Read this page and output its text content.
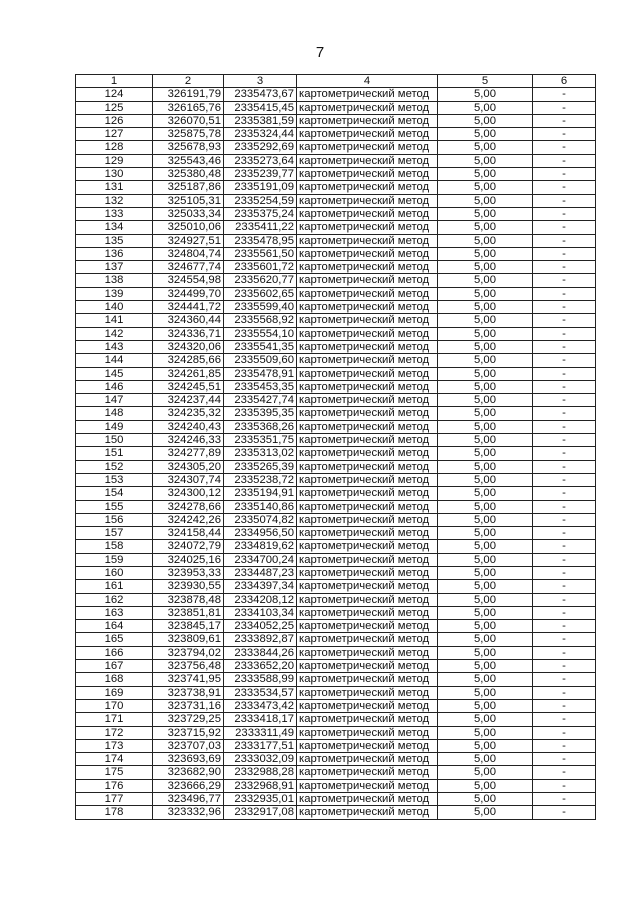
7
1	2	3	4	5	6
124	326191,79	2335473,67	картометрический метод	5,00	-
125	326165,76	2335415,45	картометрический метод	5,00	-
126	326070,51	2335381,59	картометрический метод	5,00	-
127	325875,78	2335324,44	картометрический метод	5,00	-
128	325678,93	2335292,69	картометрический метод	5,00	-
129	325543,46	2335273,64	картометрический метод	5,00	-
130	325380,48	2335239,77	картометрический метод	5,00	-
131	325187,86	2335191,09	картометрический метод	5,00	-
132	325105,31	2335254,59	картометрический метод	5,00	-
133	325033,34	2335375,24	картометрический метод	5,00	-
134	325010,06	2335411,22	картометрический метод	5,00	-
135	324927,51	2335478,95	картометрический метод	5,00	-
136	324804,74	2335561,50	картометрический метод	5,00	-
137	324677,74	2335601,72	картометрический метод	5,00	-
138	324554,98	2335620,77	картометрический метод	5,00	-
139	324499,70	2335602,65	картометрический метод	5,00	-
140	324441,72	2335599,40	картометрический метод	5,00	-
141	324360,44	2335568,92	картометрический метод	5,00	-
142	324336,71	2335554,10	картометрический метод	5,00	-
143	324320,06	2335541,35	картометрический метод	5,00	-
144	324285,66	2335509,60	картометрический метод	5,00	-
145	324261,85	2335478,91	картометрический метод	5,00	-
146	324245,51	2335453,35	картометрический метод	5,00	-
147	324237,44	2335427,74	картометрический метод	5,00	-
148	324235,32	2335395,35	картометрический метод	5,00	-
149	324240,43	2335368,26	картометрический метод	5,00	-
150	324246,33	2335351,75	картометрический метод	5,00	-
151	324277,89	2335313,02	картометрический метод	5,00	-
152	324305,20	2335265,39	картометрический метод	5,00	-
153	324307,74	2335238,72	картометрический метод	5,00	-
154	324300,12	2335194,91	картометрический метод	5,00	-
155	324278,66	2335140,86	картометрический метод	5,00	-
156	324242,26	2335074,82	картометрический метод	5,00	-
157	324158,44	2334956,50	картометрический метод	5,00	-
158	324072,79	2334819,62	картометрический метод	5,00	-
159	324025,16	2334700,24	картометрический метод	5,00	-
160	323953,33	2334487,23	картометрический метод	5,00	-
161	323930,55	2334397,34	картометрический метод	5,00	-
162	323878,48	2334208,12	картометрический метод	5,00	-
163	323851,81	2334103,34	картометрический метод	5,00	-
164	323845,17	2334052,25	картометрический метод	5,00	-
165	323809,61	2333892,87	картометрический метод	5,00	-
166	323794,02	2333844,26	картометрический метод	5,00	-
167	323756,48	2333652,20	картометрический метод	5,00	-
168	323741,95	2333588,99	картометрический метод	5,00	-
169	323738,91	2333534,57	картометрический метод	5,00	-
170	323731,16	2333473,42	картометрический метод	5,00	-
171	323729,25	2333418,17	картометрический метод	5,00	-
172	323715,92	2333311,49	картометрический метод	5,00	-
173	323707,03	2333177,51	картометрический метод	5,00	-
174	323693,69	2333032,09	картометрический метод	5,00	-
175	323682,90	2332988,28	картометрический метод	5,00	-
176	323666,29	2332968,91	картометрический метод	5,00	-
177	323496,77	2332935,01	картометрический метод	5,00	-
178	323332,96	2332917,08	картометрический метод	5,00	-
